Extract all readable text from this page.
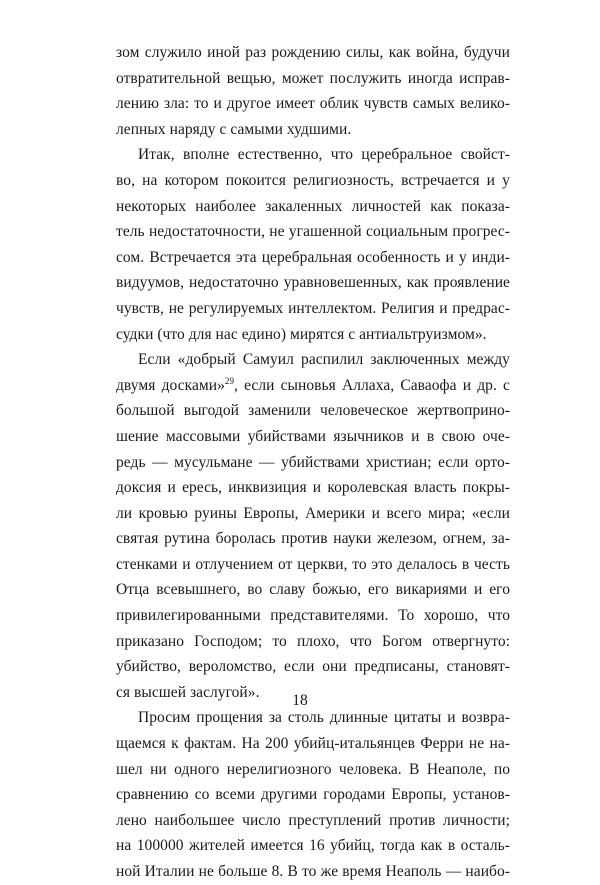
зом служило иной раз рождению силы, как война, будучи
отвратительной вещью, может послужить иногда исправ-
лению зла: то и другое имеет облик чувств самых велико-
лепных наряду с самыми худшими.
Итак, вполне естественно, что церебральное свойст-
во, на котором покоится религиозность, встречается и у
некоторых наиболее закаленных личностей как показа-
тель недостаточности, не угашенной социальным прогрес-
сом. Встречается эта церебральная особенность и у инди-
видуумов, недостаточно уравновешенных, как проявление
чувств, не регулируемых интеллектом. Религия и предрас-
судки (что для нас едино) мирятся с антиальтруизмом».
Если «добрый Самуил распилил заключенных между
двумя досками»$^{29}$, если сыновья Аллаха, Саваофа и др. с
большой выгодой заменили человеческое жертвоприно-
шение массовыми убийствами язычников и в свою оче-
редь — мусульмане — убийствами христиан; если орто-
доксия и ересь, инквизиция и королевская власть покры-
ли кровью руины Европы, Америки и всего мира; «если
святая рутина боролась против науки железом, огнем, за-
стенками и отлучением от церкви, то это делалось в честь
Отца всевышнего, во славу божью, его викариями и его
привилегированными представителями. То хорошо, что
приказано Господом; то плохо, что Богом отвергнуто:
убийство, вероломство, если они предписаны, становят-
ся высшей заслугой».
Просим прощения за столь длинные цитаты и возвра-
щаемся к фактам. На 200 убийц-итальянцев Ферри не на-
шел ни одного нерелигиозного человека. В Неаполе, по
сравнению со всеми другими городами Европы, установ-
лено наибольшее число преступлений против личности;
на 100000 жителей имеется 16 убийц, тогда как в осталь-
ной Италии не больше 8. В то же время Неаполь — наибо-
18
